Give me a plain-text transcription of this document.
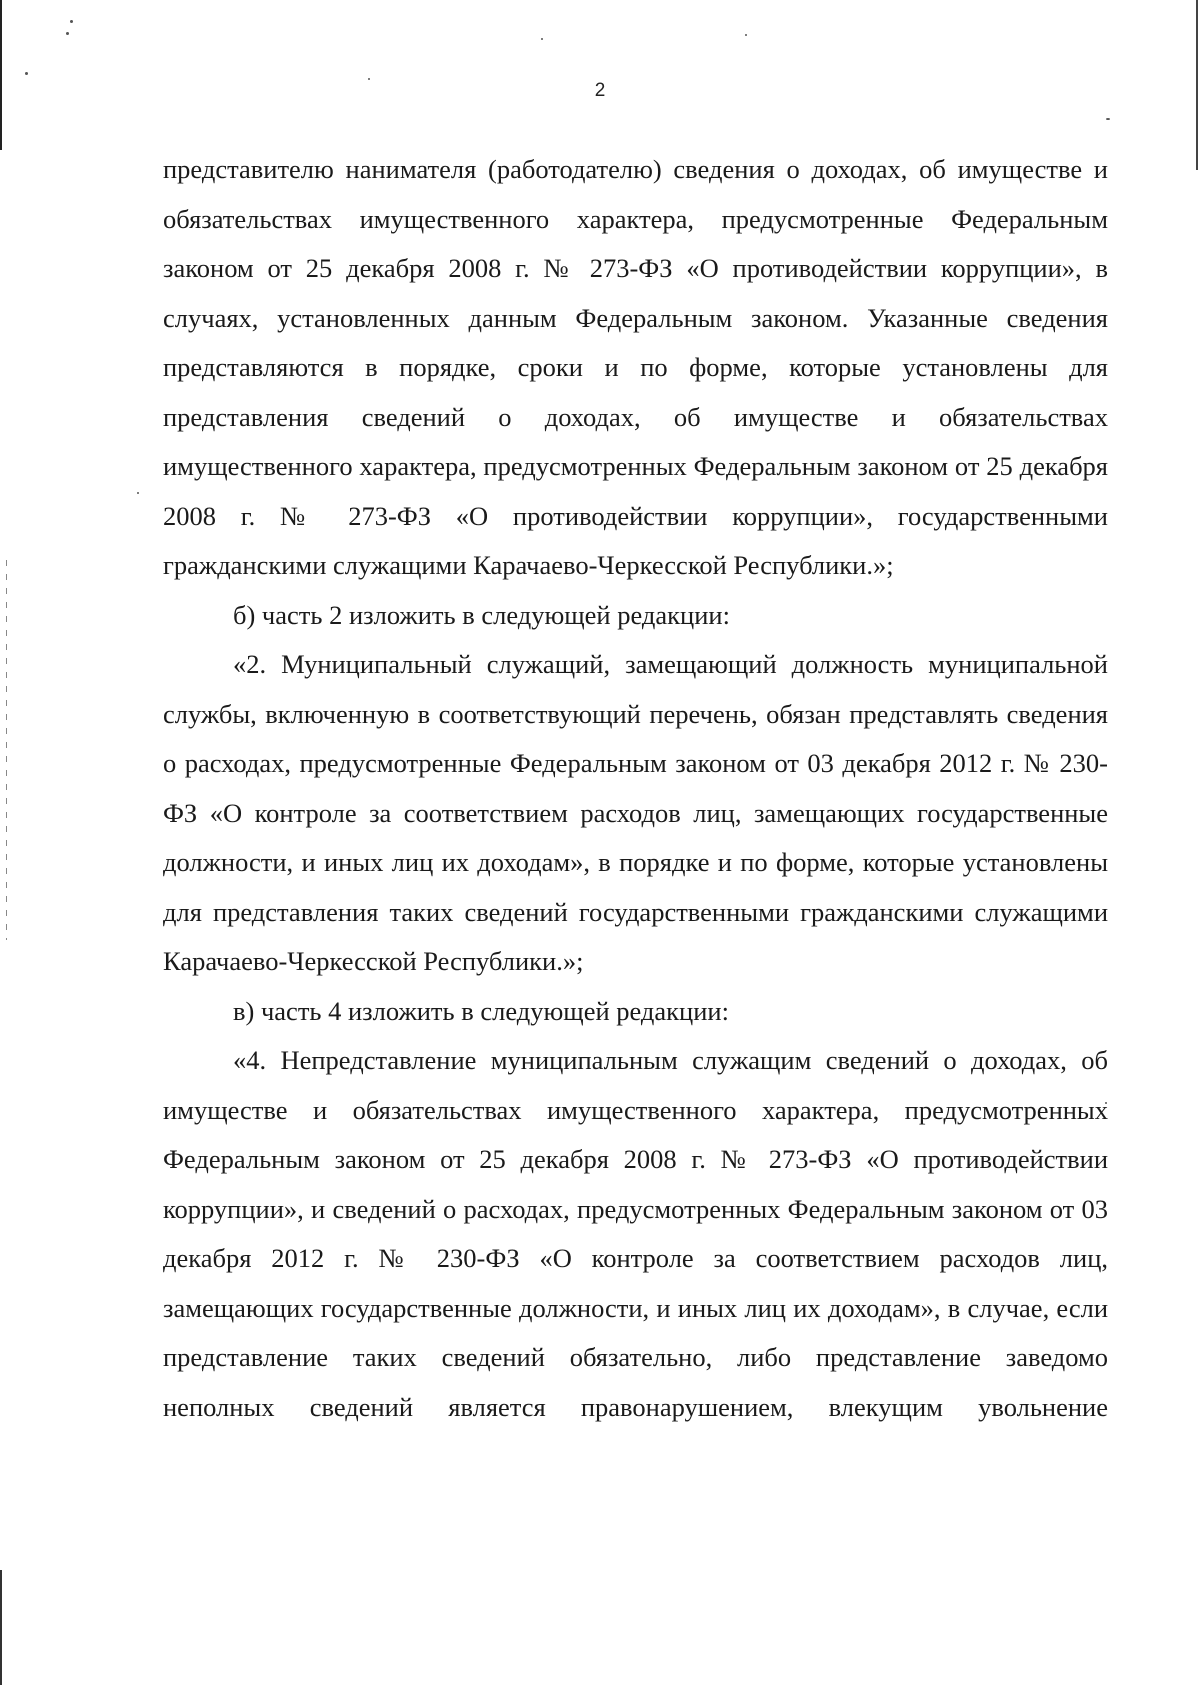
2

представителю нанимателя (работодателю) сведения о доходах, об имуществе и обязательствах имущественного характера, предусмотренные Федеральным законом от 25 декабря 2008 г. № 273-ФЗ «О противодействии коррупции», в случаях, установленных данным Федеральным законом. Указанные сведения представляются в порядке, сроки и по форме, которые установлены для представления сведений о доходах, об имуществе и обязательствах имущественного характера, предусмотренных Федеральным законом от 25 декабря 2008 г. № 273-ФЗ «О противодействии коррупции», государственными гражданскими служащими Карачаево-Черкесской Республики.»;

б) часть 2 изложить в следующей редакции:

«2. Муниципальный служащий, замещающий должность муниципальной службы, включенную в соответствующий перечень, обязан представлять сведения о расходах, предусмотренные Федеральным законом от 03 декабря 2012 г. № 230-ФЗ «О контроле за соответствием расходов лиц, замещающих государственные должности, и иных лиц их доходам», в порядке и по форме, которые установлены для представления таких сведений государственными гражданскими служащими Карачаево-Черкесской Республики.»;

в) часть 4 изложить в следующей редакции:

«4. Непредставление муниципальным служащим сведений о доходах, об имуществе и обязательствах имущественного характера, предусмотренных Федеральным законом от 25 декабря 2008 г. № 273-ФЗ «О противодействии коррупции», и сведений о расходах, предусмотренных Федеральным законом от 03 декабря 2012 г. № 230-ФЗ «О контроле за соответствием расходов лиц, замещающих государственные должности, и иных лиц их доходам», в случае, если представление таких сведений обязательно, либо представление заведомо неполных сведений является правонарушением, влекущим увольнение
